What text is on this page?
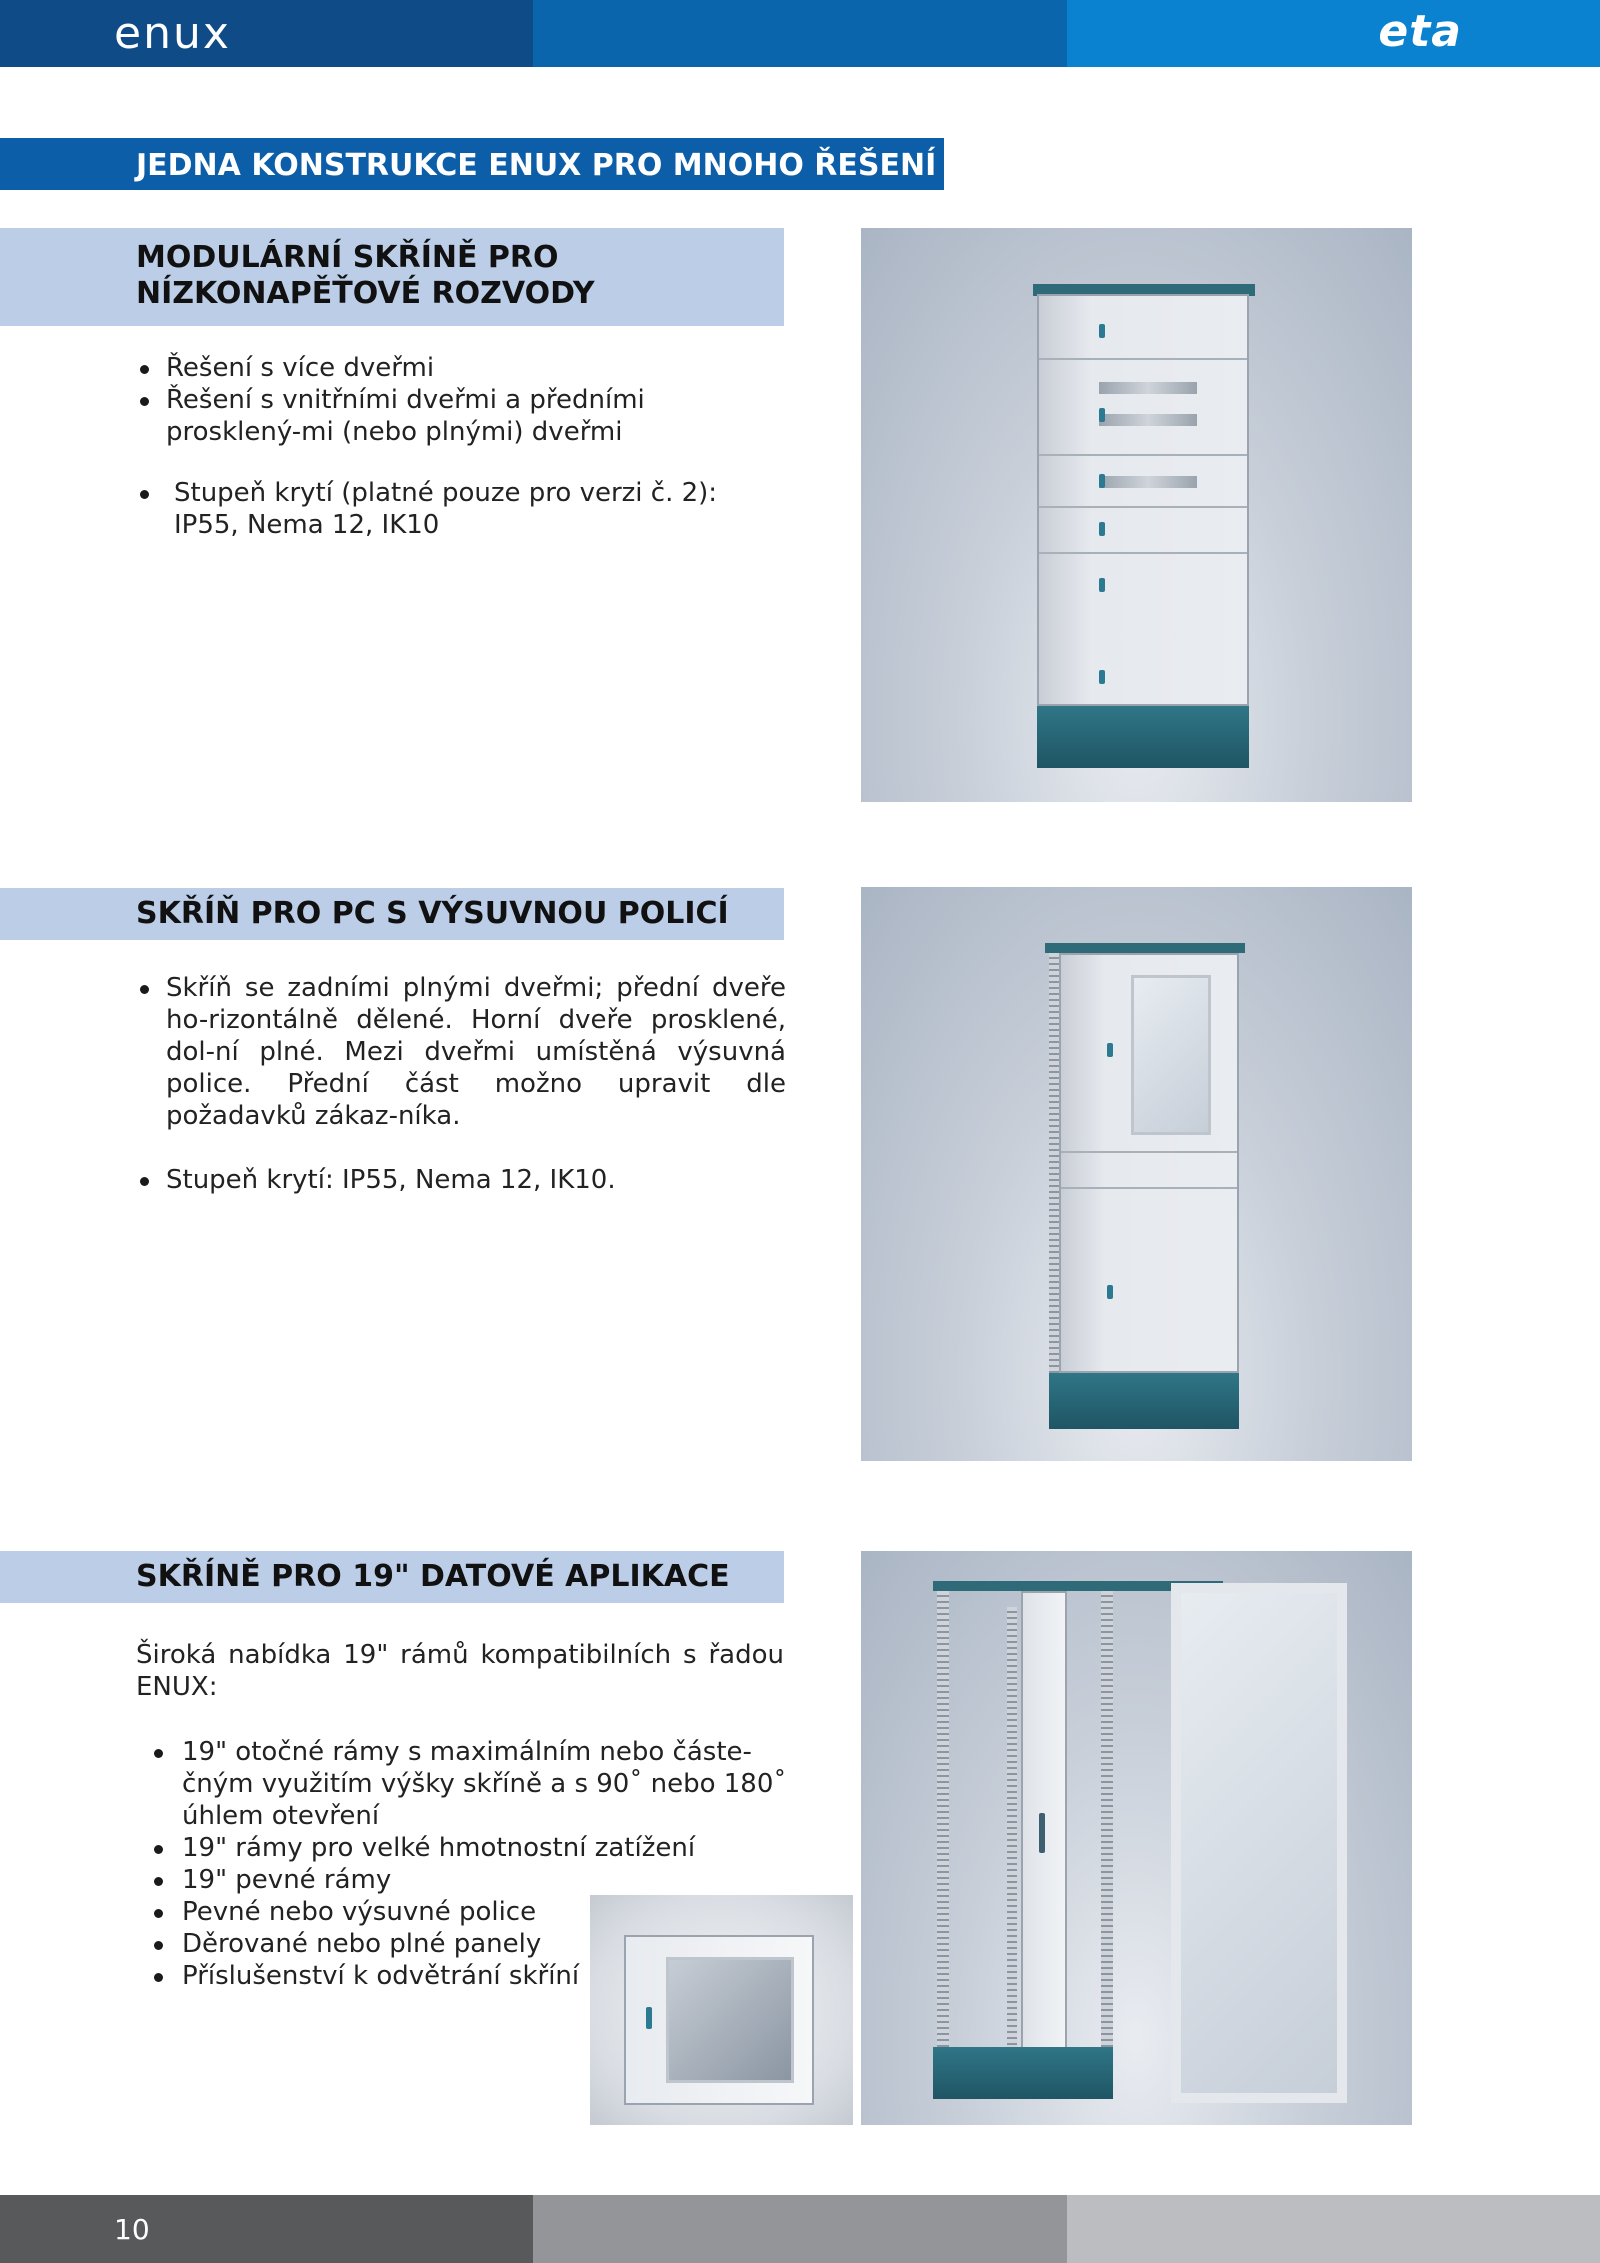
enux	eta
JEDNA KONSTRUKCE ENUX PRO MNOHO ŘEŠENÍ
MODULÁRNÍ SKŘÍNĚ PRO NÍZKONAPĚŤOVÉ ROZVODY
Řešení s více dveřmi
Řešení s vnitřními dveřmi a předními prosklený-mi (nebo plnými) dveřmi
Stupeň krytí (platné pouze pro verzi č. 2): IP55, Nema 12, IK10
SKŘÍŇ PRO PC S VÝSUVNOU POLICÍ
Skříň se zadními plnými dveřmi; přední dveře ho-rizontálně dělené. Horní dveře prosklené, dol-ní plné. Mezi dveřmi umístěná výsuvná police. Přední část možno upravit dle požadavků zákaz-níka.
Stupeň krytí: IP55, Nema 12, IK10.
SKŘÍNĚ PRO 19" DATOVÉ APLIKACE

Široká nabídka 19" rámů kompatibilních s řadou ENUX:

19" otočné rámy s maximálním nebo částe-čným využitím výšky skříně a s 90˚ nebo 180˚ úhlem otevření
19" rámy pro velké hmotnostní zatížení
19" pevné rámy
Pevné nebo výsuvné police
Děrované nebo plné panely
Příslušenství k odvětrání skříní
10
